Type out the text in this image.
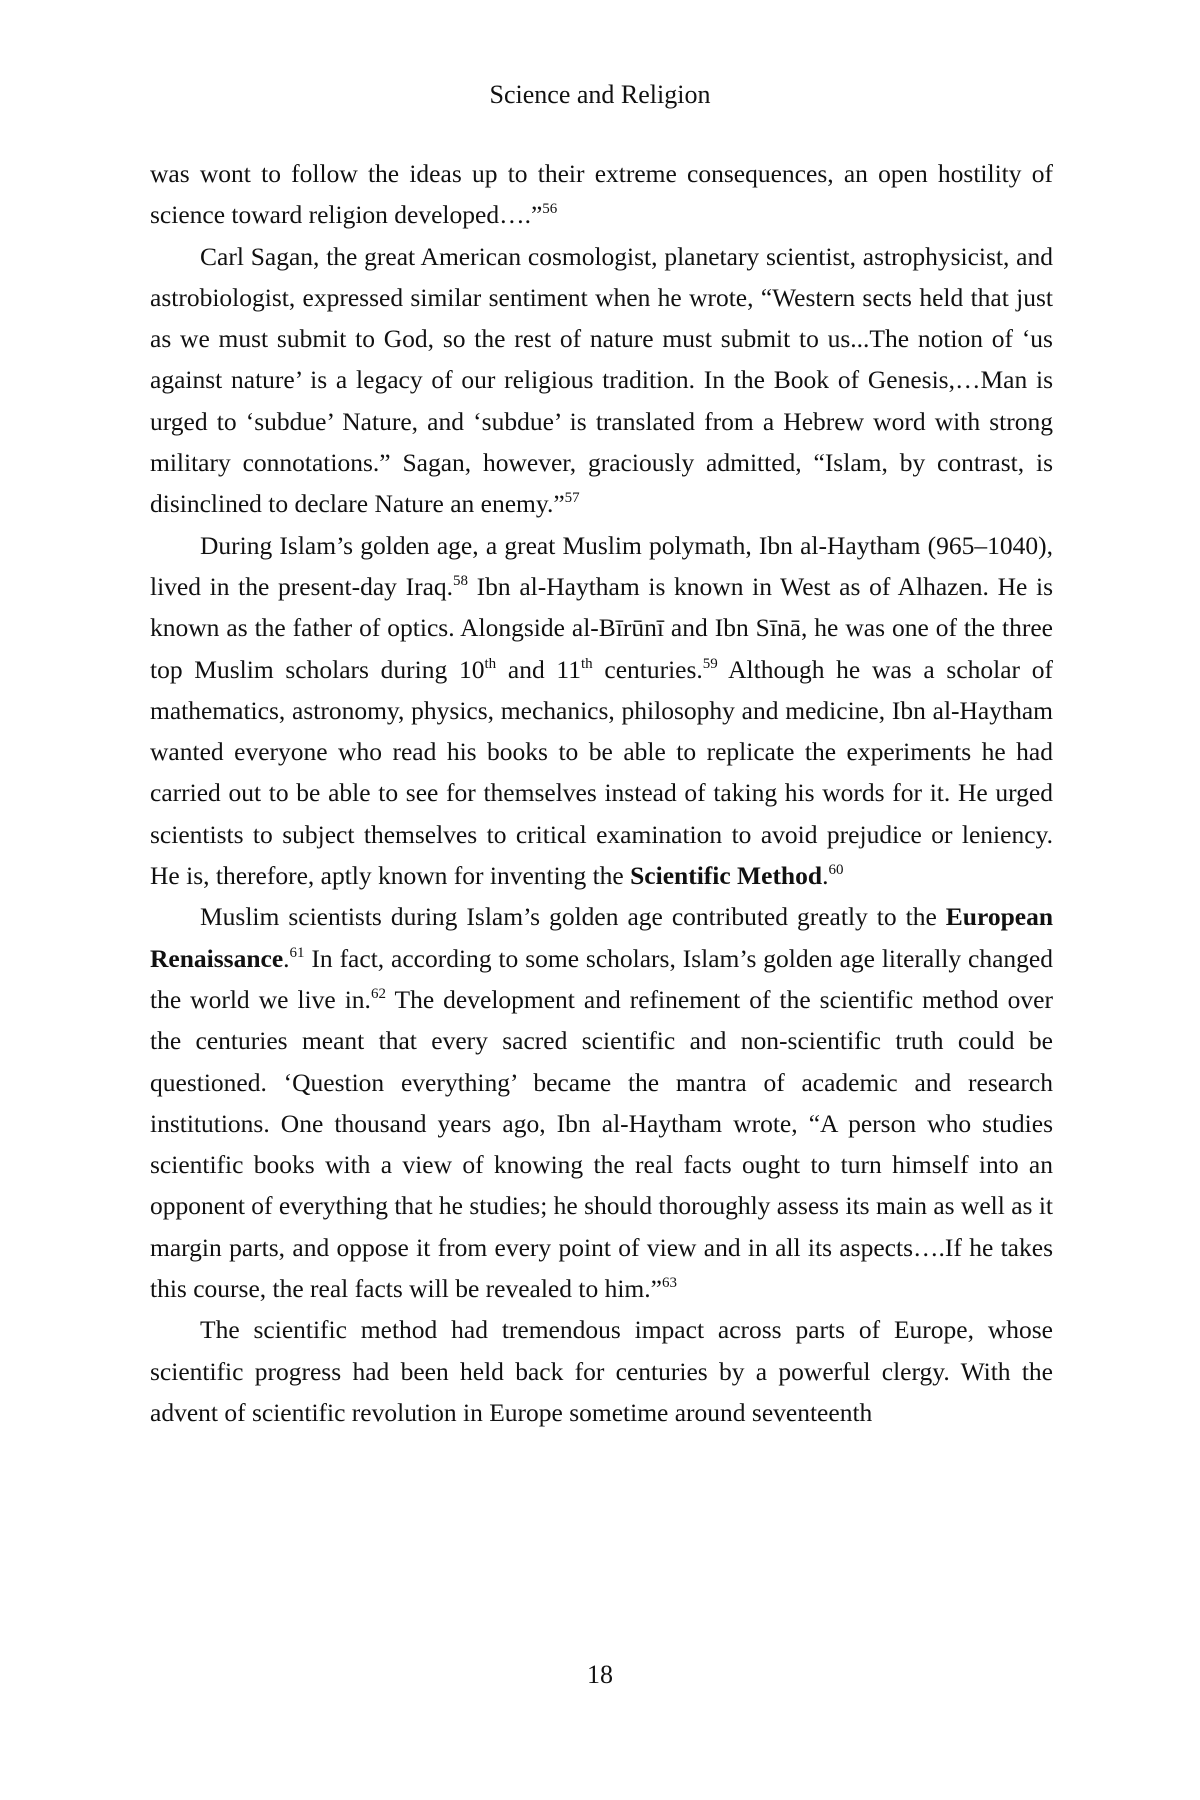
Science and Religion

was wont to follow the ideas up to their extreme consequences, an open hostility of science toward religion developed….”$^{56}$

Carl Sagan, the great American cosmologist, planetary scientist, astrophysicist, and astrobiologist, expressed similar sentiment when he wrote, “Western sects held that just as we must submit to God, so the rest of nature must submit to us...The notion of ‘us against nature’ is a legacy of our religious tradition. In the Book of Genesis,…Man is urged to ‘subdue’ Nature, and ‘subdue’ is translated from a Hebrew word with strong military connotations.” Sagan, however, graciously admitted, “Islam, by contrast, is disinclined to declare Nature an enemy.”$^{57}$

During Islam’s golden age, a great Muslim polymath, Ibn al-Haytham (965–1040), lived in the present-day Iraq.$^{58}$ Ibn al-Haytham is known in West as of Alhazen. He is known as the father of optics. Alongside al-Bīrūnī and Ibn Sīnā, he was one of the three top Muslim scholars during 10th and 11th centuries.$^{59}$ Although he was a scholar of mathematics, astronomy, physics, mechanics, philosophy and medicine, Ibn al-Haytham wanted everyone who read his books to be able to replicate the experiments he had carried out to be able to see for themselves instead of taking his words for it. He urged scientists to subject themselves to critical examination to avoid prejudice or leniency. He is, therefore, aptly known for inventing the Scientific Method.$^{60}$

Muslim scientists during Islam’s golden age contributed greatly to the European Renaissance.$^{61}$ In fact, according to some scholars, Islam’s golden age literally changed the world we live in.$^{62}$ The development and refinement of the scientific method over the centuries meant that every sacred scientific and non-scientific truth could be questioned. ‘Question everything’ became the mantra of academic and research institutions. One thousand years ago, Ibn al-Haytham wrote, “A person who studies scientific books with a view of knowing the real facts ought to turn himself into an opponent of everything that he studies; he should thoroughly assess its main as well as it margin parts, and oppose it from every point of view and in all its aspects….If he takes this course, the real facts will be revealed to him.”$^{63}$

The scientific method had tremendous impact across parts of Europe, whose scientific progress had been held back for centuries by a powerful clergy. With the advent of scientific revolution in Europe sometime around seventeenth

18
